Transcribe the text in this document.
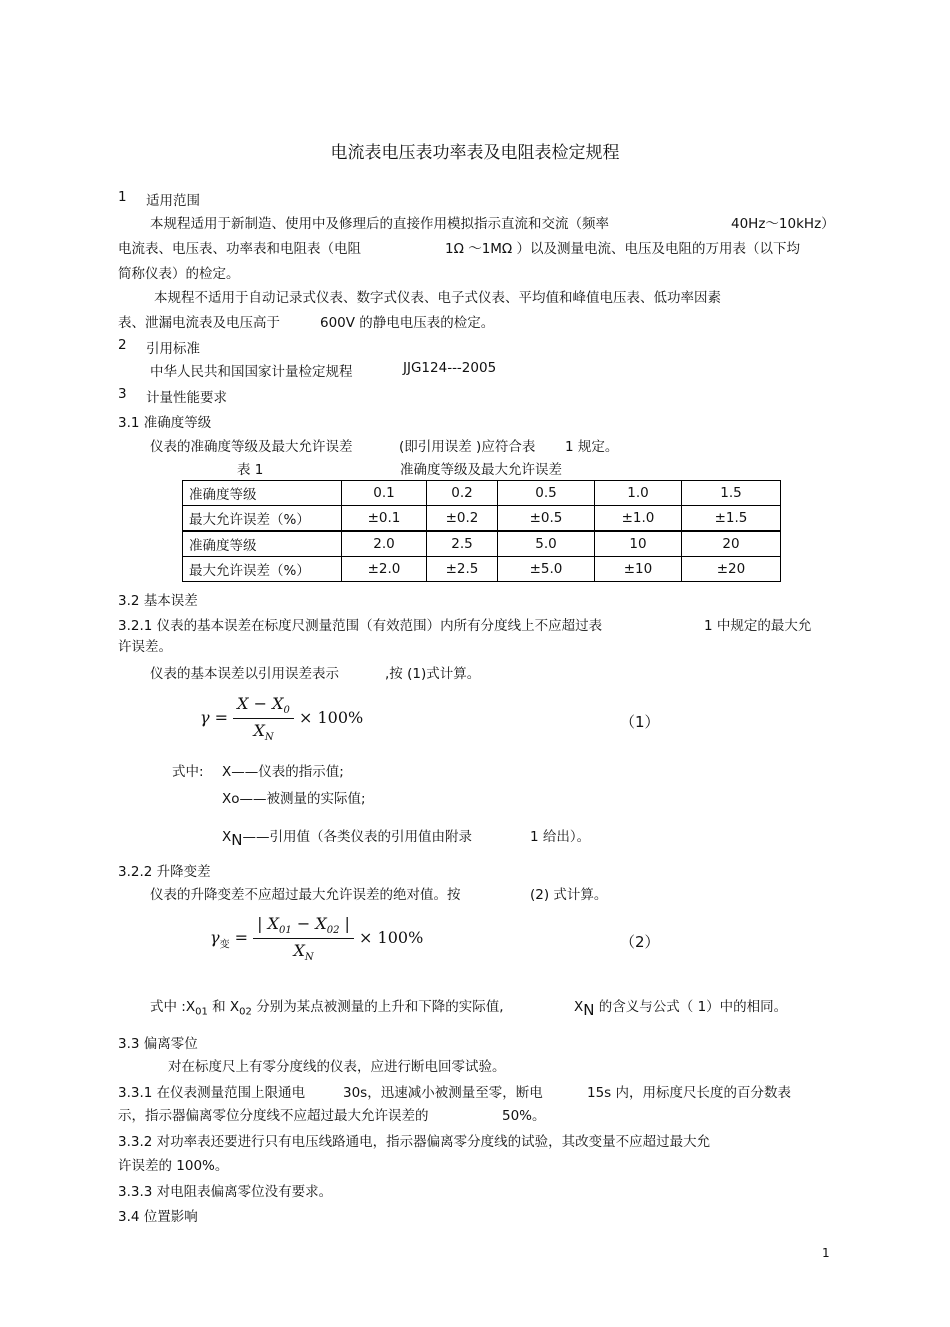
电流表电压表功率表及电阻表检定规程
1 适用范围
本规程适用于新制造、使用中及修理后的直接作用模拟指示直流和交流（频率	40Hz～10kHz）
电流表、电压表、功率表和电阻表（电阻	1Ω ～1MΩ ）以及测量电流、电压及电阻的万用表（以下均
简称仪表）的检定。
本规程不适用于自动记录式仪表、数字式仪表、电子式仪表、平均值和峰值电压表、低功率因素
表、泄漏电流表及电压高于	600V 的静电电压表的检定。
2 引用标准
中华人民共和国国家计量检定规程	JJG124---2005
3 计量性能要求
3.1 准确度等级
仪表的准确度等级及最大允许误差	(即引用误差 )应符合表 1 规定。
表 1	准确度等级及最大允许误差
准确度等级	0.1	0.2	0.5	1.0	1.5
最大允许误差（%）	±0.1	±0.2	±0.5	±1.0	±1.5
准确度等级	2.0	2.5	5.0	10	20
最大允许误差（%）	±2.0	±2.5	±5.0	±10	±20
3.2 基本误差
3.2.1 仪表的基本误差在标度尺测量范围（有效范围）内所有分度线上不应超过表	1 中规定的最大允
许误差。
仪表的基本误差以引用误差表示	,按 (1)式计算。
$\gamma = \frac{X - X_0}{X_N} \times 100\%$	（1）
式中: X——仪表的指示值;
Xo——被测量的实际值;
XN——引用值（各类仪表的引用值由附录	1 给出）。
3.2.2 升降变差
仪表的升降变差不应超过最大允许误差的绝对值。按	(2) 式计算。
$\gamma_变 = \frac{| X_{01} - X_{02} |}{X_N} \times 100\%$	（2）
式中 $:X_{01}$ 和 $X_{02}$ 分别为某点被测量的上升和下降的实际值,	XN 的含义与公式（ 1）中的相同。
3.3 偏离零位
对在标度尺上有零分度线的仪表，应进行断电回零试验。
3.3.1 在仪表测量范围上限通电	30s，迅速减小被测量至零，断电	15s 内，用标度尺长度的百分数表
示，指示器偏离零位分度线不应超过最大允许误差的	50%。
3.3.2 对功率表还要进行只有电压线路通电，指示器偏离零分度线的试验，其改变量不应超过最大允
许误差的 100%。
3.3.3 对电阻表偏离零位没有要求。
3.4 位置影响
1
